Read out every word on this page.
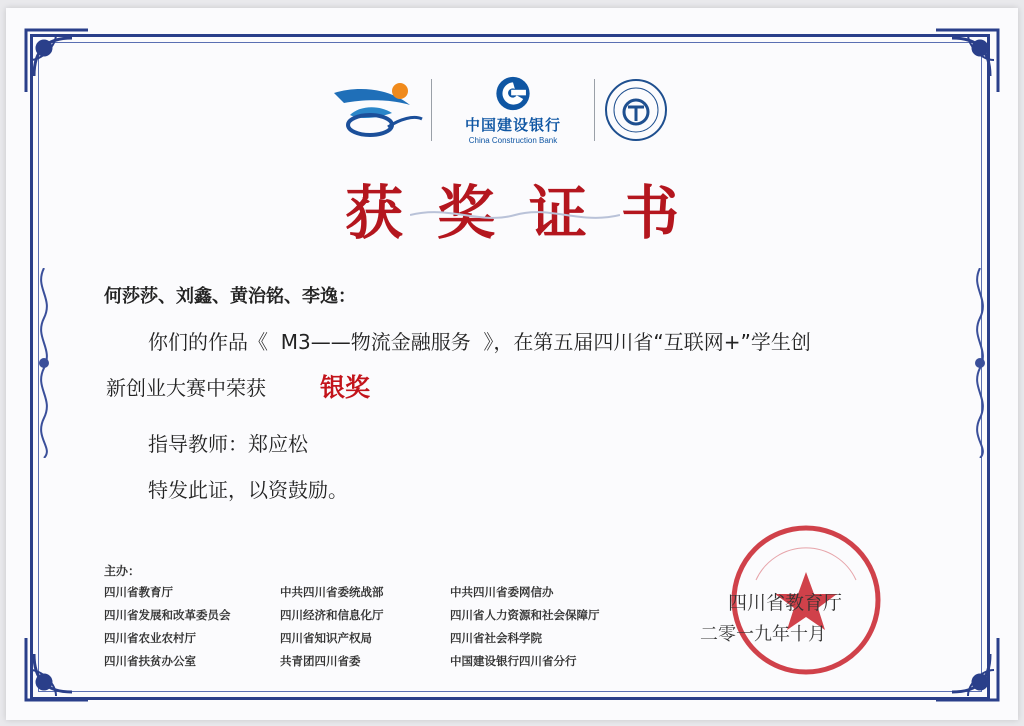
中国建设银行
China Construction Bank
获奖证书
何莎莎、刘鑫、黄治铭、李逸：
你们的作品《  M3——物流金融服务  》，在第五届四川省“互联网+”学生创
新创业大赛中荣获 银奖
指导教师：郑应松
特发此证，以资鼓励。
主办：
四川省教育厅	中共四川省委统战部	中共四川省委网信办
四川省发展和改革委员会	四川经济和信息化厅	四川省人力资源和社会保障厅
四川省农业农村厅	四川省知识产权局	四川省社会科学院
四川省扶贫办公室	共青团四川省委	中国建设银行四川省分行
四川省教育厅
二零一九年十月
